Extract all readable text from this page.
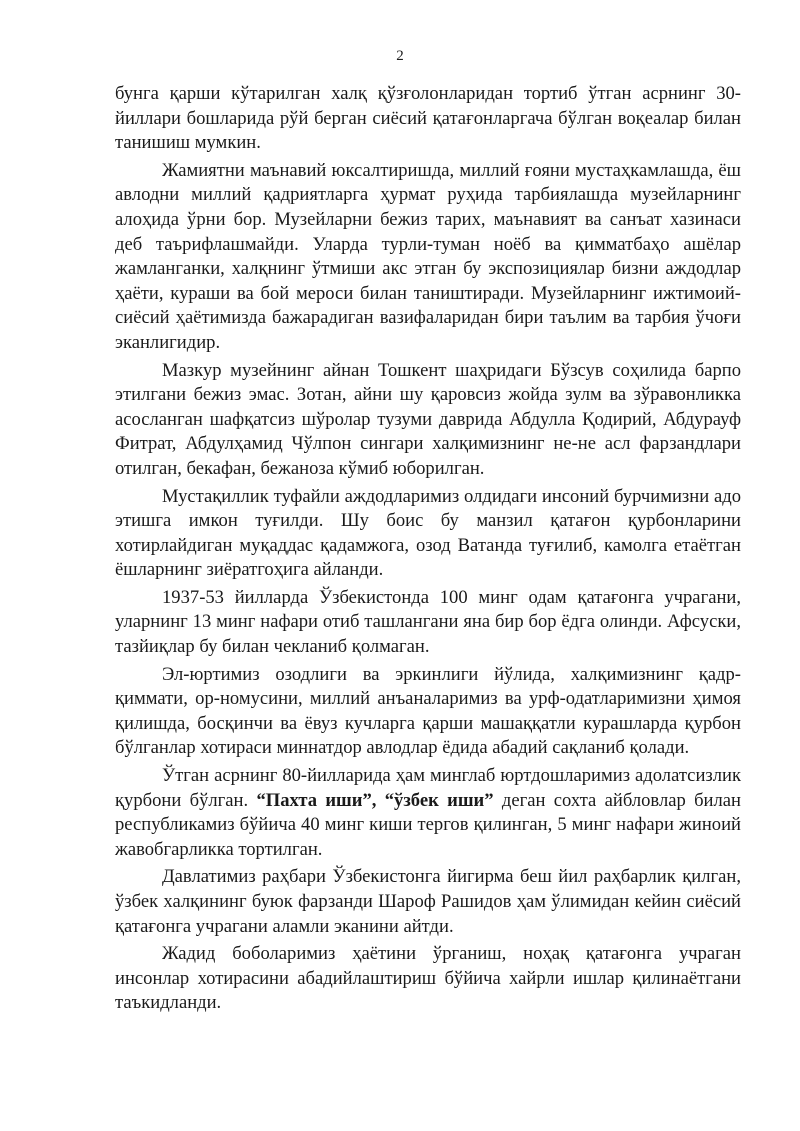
2

бунга қарши кўтарилган халқ қўзғолонларидан тортиб ўтган асрнинг 30-йиллари бошларида рўй берган сиёсий қатағонларгача бўлган воқеалар билан танишиш мумкин.

Жамиятни маънавий юксалтиришда, миллий ғояни мустаҳкамлашда, ёш авлодни миллий қадриятларга ҳурмат руҳида тарбиялашда музейларнинг алоҳида ўрни бор. Музейларни бежиз тарих, маънавият ва санъат хазинаси деб таърифлашмайди. Уларда турли-туман ноёб ва қимматбаҳо ашёлар жамланганки, халқнинг ўтмиши акс этган бу экспозициялар бизни аждодлар ҳаёти, кураши ва бой мероси билан таништиради. Музейларнинг ижтимоий-сиёсий ҳаётимизда бажарадиган вазифаларидан бири таълим ва тарбия ўчоғи эканлигидир.

Мазкур музейнинг айнан Тошкент шаҳридаги Бўзсув соҳилида барпо этилгани бежиз эмас. Зотан, айни шу қаровсиз жойда зулм ва зўравонликка асосланган шафқатсиз шўролар тузуми даврида Абдулла Қодирий, Абдурауф Фитрат, Абдулҳамид Чўлпон сингари халқимизнинг не-не асл фарзандлари отилган, бекафан, бежаноза кўмиб юборилган.

Мустақиллик туфайли аждодларимиз олдидаги инсоний бурчимизни адо этишга имкон туғилди. Шу боис бу манзил қатағон қурбонларини хотирлайдиган муқаддас қадамжога, озод Ватанда туғилиб, камолга етаётган ёшларнинг зиёратгоҳига айланди.

1937-53 йилларда Ўзбекистонда 100 минг одам қатағонга учрагани, уларнинг 13 минг нафари отиб ташлангани яна бир бор ёдга олинди. Афсуски, тазйиқлар бу билан чекланиб қолмаган.

Эл-юртимиз озодлиги ва эркинлиги йўлида, халқимизнинг қадр-қиммати, ор-номусини, миллий анъаналаримиз ва урф-одатларимизни ҳимоя қилишда, босқинчи ва ёвуз кучларга қарши машаққатли курашларда қурбон бўлганлар хотираси миннатдор авлодлар ёдида абадий сақланиб қолади.

Ўтган асрнинг 80-йилларида ҳам минглаб юртдошларимиз адолатсизлик қурбони бўлган. “Пахта иши”, “ўзбек иши” деган сохта айбловлар билан республикамиз бўйича 40 минг киши тергов қилинган, 5 минг нафари жиноий жавобгарликка тортилган.

Давлатимиз раҳбари Ўзбекистонга йигирма беш йил раҳбарлик қилган, ўзбек халқининг буюк фарзанди Шароф Рашидов ҳам ўлимидан кейин сиёсий қатағонга учрагани аламли эканини айтди.

Жадид боболаримиз ҳаётини ўрганиш, ноҳақ қатағонга учраган инсонлар хотирасини абадийлаштириш бўйича хайрли ишлар қилинаётгани таъкидланди.
